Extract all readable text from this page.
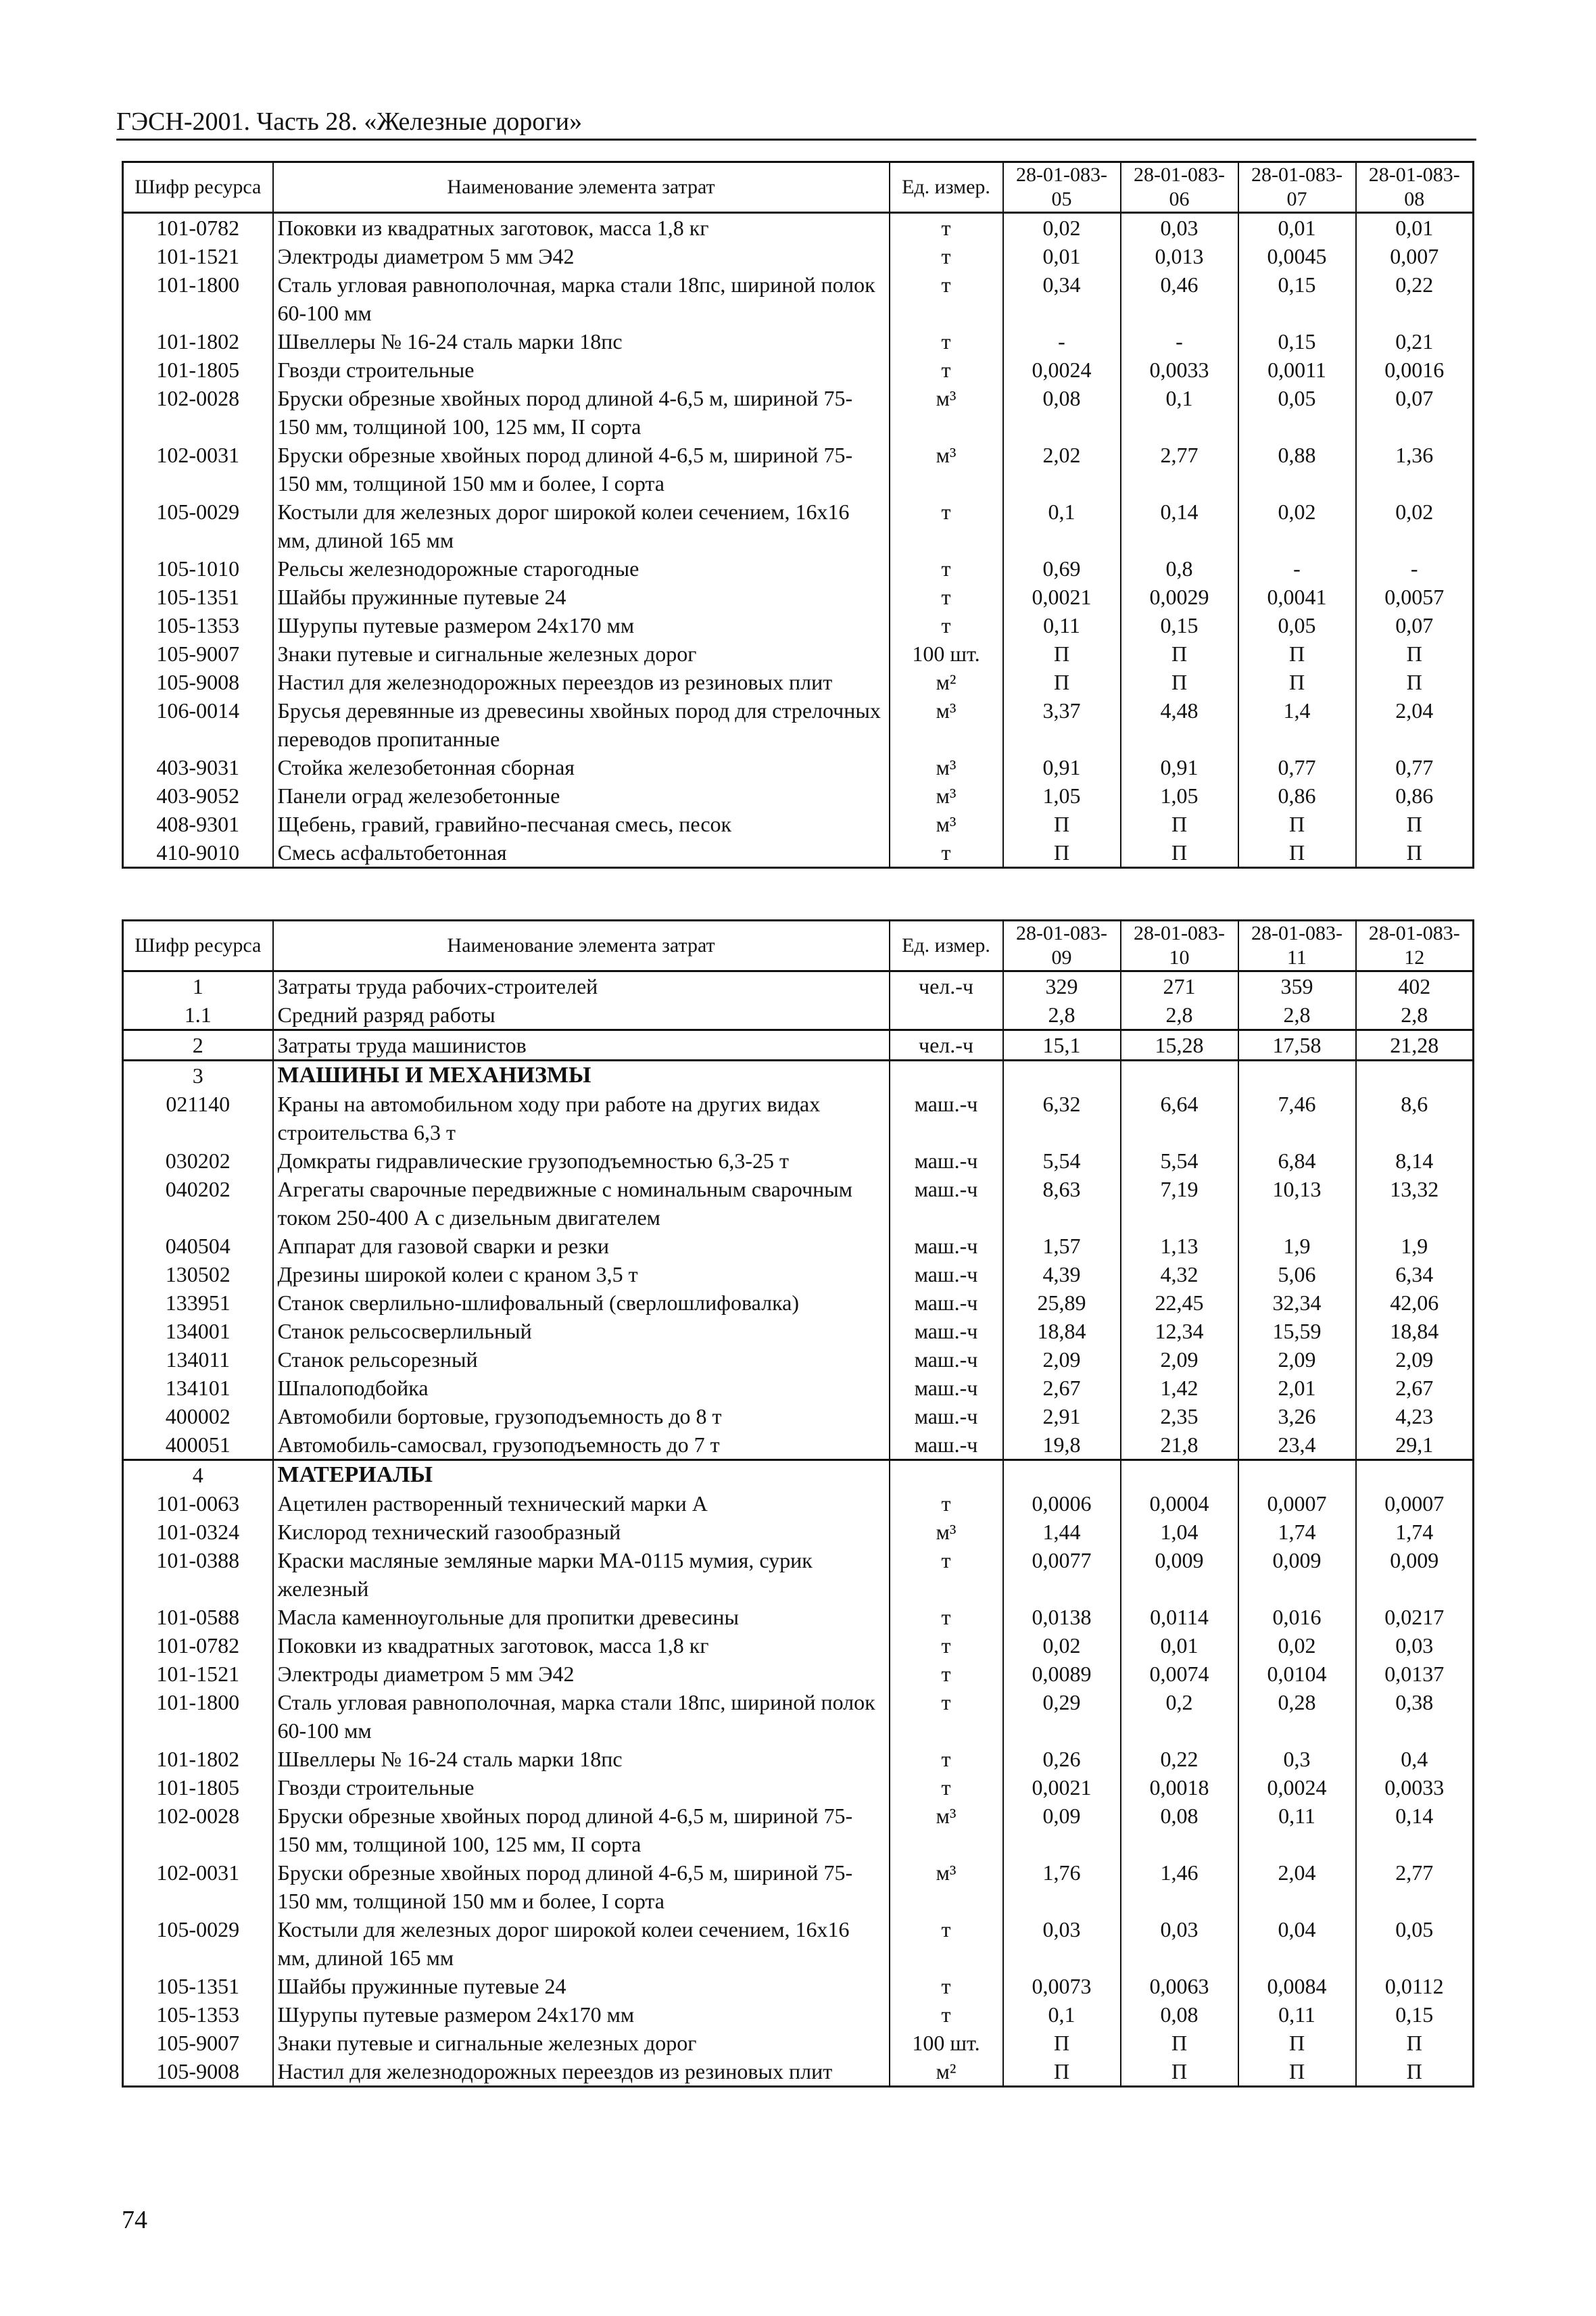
ГЭСН-2001. Часть 28. «Железные дороги»
Шифр ресурса	Наименование элемента затрат	Ед. измер.	28-01-083-05	28-01-083-06	28-01-083-07	28-01-083-08
101-0782	Поковки из квадратных заготовок, масса 1,8 кг	т	0,02	0,03	0,01	0,01
101-1521	Электроды диаметром 5 мм Э42	т	0,01	0,013	0,0045	0,007
101-1800	Сталь угловая равнополочная, марка стали 18пс, шириной полок 60-100 мм	т	0,34	0,46	0,15	0,22
101-1802	Швеллеры № 16-24 сталь марки 18пс	т	-	-	0,15	0,21
101-1805	Гвозди строительные	т	0,0024	0,0033	0,0011	0,0016
102-0028	Бруски обрезные хвойных пород длиной 4-6,5 м, шириной 75-150 мм, толщиной 100, 125 мм, II сорта	м³	0,08	0,1	0,05	0,07
102-0031	Бруски обрезные хвойных пород длиной 4-6,5 м, шириной 75-150 мм, толщиной 150 мм и более, I сорта	м³	2,02	2,77	0,88	1,36
105-0029	Костыли для железных дорог широкой колеи сечением, 16x16 мм, длиной 165 мм	т	0,1	0,14	0,02	0,02
105-1010	Рельсы железнодорожные старогодные	т	0,69	0,8	-	-
105-1351	Шайбы пружинные путевые 24	т	0,0021	0,0029	0,0041	0,0057
105-1353	Шурупы путевые размером 24x170 мм	т	0,11	0,15	0,05	0,07
105-9007	Знаки путевые и сигнальные железных дорог	100 шт.	П	П	П	П
105-9008	Настил для железнодорожных переездов из резиновых плит	м²	П	П	П	П
106-0014	Брусья деревянные из древесины хвойных пород для стрелочных переводов пропитанные	м³	3,37	4,48	1,4	2,04
403-9031	Стойка железобетонная сборная	м³	0,91	0,91	0,77	0,77
403-9052	Панели оград железобетонные	м³	1,05	1,05	0,86	0,86
408-9301	Щебень, гравий, гравийно-песчаная смесь, песок	м³	П	П	П	П
410-9010	Смесь асфальтобетонная	т	П	П	П	П
Шифр ресурса	Наименование элемента затрат	Ед. измер.	28-01-083-09	28-01-083-10	28-01-083-11	28-01-083-12
1	Затраты труда рабочих-строителей	чел.-ч	329	271	359	402
1.1	Средний разряд работы		2,8	2,8	2,8	2,8
2	Затраты труда машинистов	чел.-ч	15,1	15,28	17,58	21,28
3	МАШИНЫ И МЕХАНИЗМЫ					
021140	Краны на автомобильном ходу при работе на других видах строительства 6,3 т	маш.-ч	6,32	6,64	7,46	8,6
030202	Домкраты гидравлические грузоподъемностью 6,3-25 т	маш.-ч	5,54	5,54	6,84	8,14
040202	Агрегаты сварочные передвижные с номинальным сварочным током 250-400 А с дизельным двигателем	маш.-ч	8,63	7,19	10,13	13,32
040504	Аппарат для газовой сварки и резки	маш.-ч	1,57	1,13	1,9	1,9
130502	Дрезины широкой колеи с краном 3,5 т	маш.-ч	4,39	4,32	5,06	6,34
133951	Станок сверлильно-шлифовальный (сверлошлифовалка)	маш.-ч	25,89	22,45	32,34	42,06
134001	Станок рельсосверлильный	маш.-ч	18,84	12,34	15,59	18,84
134011	Станок рельсорезный	маш.-ч	2,09	2,09	2,09	2,09
134101	Шпалоподбойка	маш.-ч	2,67	1,42	2,01	2,67
400002	Автомобили бортовые, грузоподъемность до 8 т	маш.-ч	2,91	2,35	3,26	4,23
400051	Автомобиль-самосвал, грузоподъемность до 7 т	маш.-ч	19,8	21,8	23,4	29,1
4	МАТЕРИАЛЫ					
101-0063	Ацетилен растворенный технический марки А	т	0,0006	0,0004	0,0007	0,0007
101-0324	Кислород технический газообразный	м³	1,44	1,04	1,74	1,74
101-0388	Краски масляные земляные марки МА-0115 мумия, сурик железный	т	0,0077	0,009	0,009	0,009
101-0588	Масла каменноугольные для пропитки древесины	т	0,0138	0,0114	0,016	0,0217
101-0782	Поковки из квадратных заготовок, масса 1,8 кг	т	0,02	0,01	0,02	0,03
101-1521	Электроды диаметром 5 мм Э42	т	0,0089	0,0074	0,0104	0,0137
101-1800	Сталь угловая равнополочная, марка стали 18пс, шириной полок 60-100 мм	т	0,29	0,2	0,28	0,38
101-1802	Швеллеры № 16-24 сталь марки 18пс	т	0,26	0,22	0,3	0,4
101-1805	Гвозди строительные	т	0,0021	0,0018	0,0024	0,0033
102-0028	Бруски обрезные хвойных пород длиной 4-6,5 м, шириной 75-150 мм, толщиной 100, 125 мм, II сорта	м³	0,09	0,08	0,11	0,14
102-0031	Бруски обрезные хвойных пород длиной 4-6,5 м, шириной 75-150 мм, толщиной 150 мм и более, I сорта	м³	1,76	1,46	2,04	2,77
105-0029	Костыли для железных дорог широкой колеи сечением, 16x16 мм, длиной 165 мм	т	0,03	0,03	0,04	0,05
105-1351	Шайбы пружинные путевые 24	т	0,0073	0,0063	0,0084	0,0112
105-1353	Шурупы путевые размером 24x170 мм	т	0,1	0,08	0,11	0,15
105-9007	Знаки путевые и сигнальные железных дорог	100 шт.	П	П	П	П
105-9008	Настил для железнодорожных переездов из резиновых плит	м²	П	П	П	П
74
